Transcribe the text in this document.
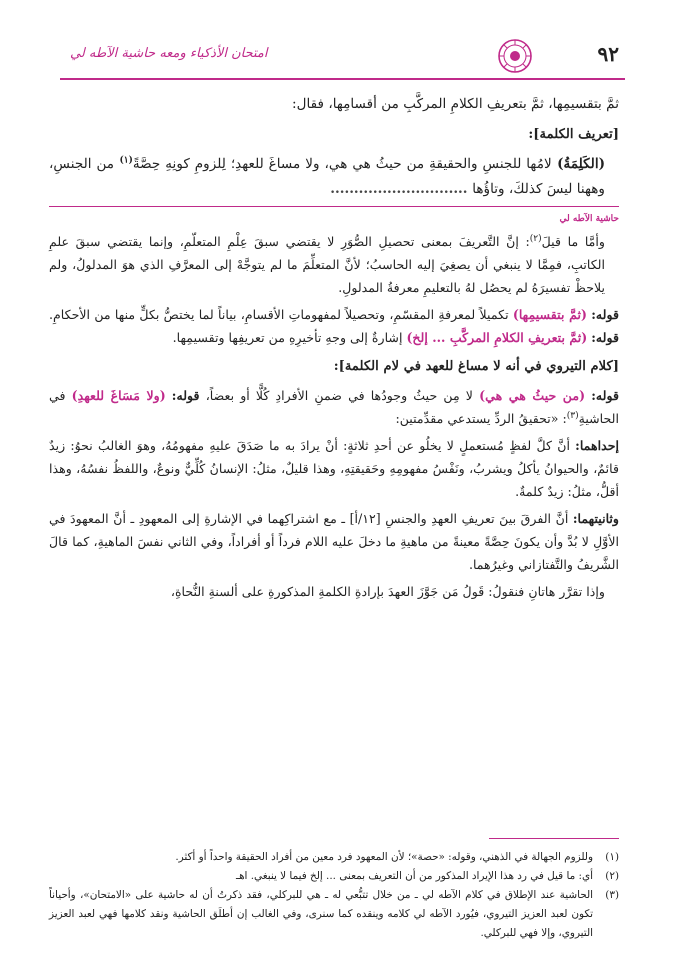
٩٢
امتحان الأذكياء ومعه حاشية الآطه لي

ثمَّ بتقسيمِها، ثمَّ بتعريفِ الكلامِ المركَّبِ من أقسامِها، فقال:

[تعريف الكلمة]:

(الكَلِمَةُ) لامُها للجنسِ والحقيقةِ من حيثُ هي هي، ولا مساغَ للعهدِ؛ لِلزومِ كونِهِ حِصَّةً$^{(١)}$ من الجنسِ، وههنا ليسَ كذلكَ، وتاؤُها .............................

حاشية الآطه لي

وأمَّا ما قيلَ$^{(٢)}$: إنَّ التَّعريفَ بمعنى تحصيلِ الصُّوَرِ لا يقتضي سبقَ عِلْمِ المتعلّمِ، وإنما يقتضي سبقَ علمِ الكاتبِ، فمِمَّا لا ينبغي أن يصغِيَ إليه الحاسبُ؛ لأنَّ المتعلِّمَ ما لم يتوجَّهْ إلى المعرَّفِ الذي هوَ المدلولُ، ولم يلاحظْ تفسيرَهُ لم يحصُل لهُ بالتعليمِ معرفةُ المدلولِ.

قوله: (ثمَّ بتقسيمِها) تكميلاً لمعرفةِ المقسّمِ، وتحصيلاً لمفهوماتِ الأقسامِ، بياناً لما يختصُّ بكلٍّ منها من الأحكامِ. قوله: (ثمَّ بتعريفِ الكلامِ المركَّبِ ... إلخ) إشارةٌ إلى وجهِ تأخيرِهِ من تعريفِها وتقسيمِها.

[كلام التيروي في أنه لا مساغ للعهد في لام الكلمة]:

قوله: (من حيثُ هي هي) لا مِن حيثُ وجودُها في ضمنِ الأفرادِ كُلًّا أو بعضاً، قوله: (ولا مَسَاغَ للعهدِ) في الحاشيةِ$^{(٣)}$: «تحقيقُ الردِّ يستدعي مقدِّمتين:

إحداهما: أنَّ كلَّ لفظٍ مُستعملٍ لا يخلُو عن أحدِ ثلاثةٍ: أنْ يرادَ به ما صَدَقَ عليهِ مفهومُهُ، وهوَ الغالبُ نحوُ: زيدٌ قائمٌ، والحيوانُ يأكلُ ويشربُ، ونَفْسُ مفهومِهِ وحَقيقتِهِ، وهذا قليلٌ، مثلُ: الإنسانُ كُلِّيٌّ ونوعٌ، واللفظُ نفسُهُ، وهذا أقلُّ، مثلُ: زيدٌ كلمةٌ.

وثانيتهما: أنَّ الفرقَ بينَ تعريفِ العهدِ والجنسِ [١٢/أ] ـ مع اشتراكِهما في الإشارةِ إلى المعهودِ ـ أنَّ المعهودَ في الأوَّلِ لا بُدَّ وأن يكونَ حِصَّةً معينةً من ماهيةِ ما دخلَ عليه اللام فرداً أو أفراداً، وفي الثاني نفسَ الماهيةِ، كما قالَ الشَّريفُ والتَّفتازاني وغيرُهما.

وإذا تقرَّر هاتانِ فنقولُ: قَولُ مَن جَوَّزَ العهدَ بإرادةِ الكلمةِ المذكورةِ على ألسنةِ النُّحاةِ،

(١)
وللزوم الجهالة في الذهني، وقوله: «حصة»؛ لأن المعهود فرد معين من أفراد الحقيقة واحداً أو أكثر.

(٢)
أي: ما قيل في رد هذا الإيراد المذكور من أن التعريف بمعنى ... إلخ فيما لا ينبغي. اهـ

(٣)
الحاشية عند الإطلاق في كلام الآطه لي ـ من خلال تتبُّعي له ـ هي للبركلي، فقد ذكرتُ أن له حاشية على «الامتحان»، وأحياناً تكون لعبد العزيز التيروي، فيُورد الآطه لي كلامه وينقده كما سنرى، وفي الغالب إن أطلَق الحاشية ونقد كلامها فهي لعبد العزيز التيروي، وإلا فهي للبركلي.
